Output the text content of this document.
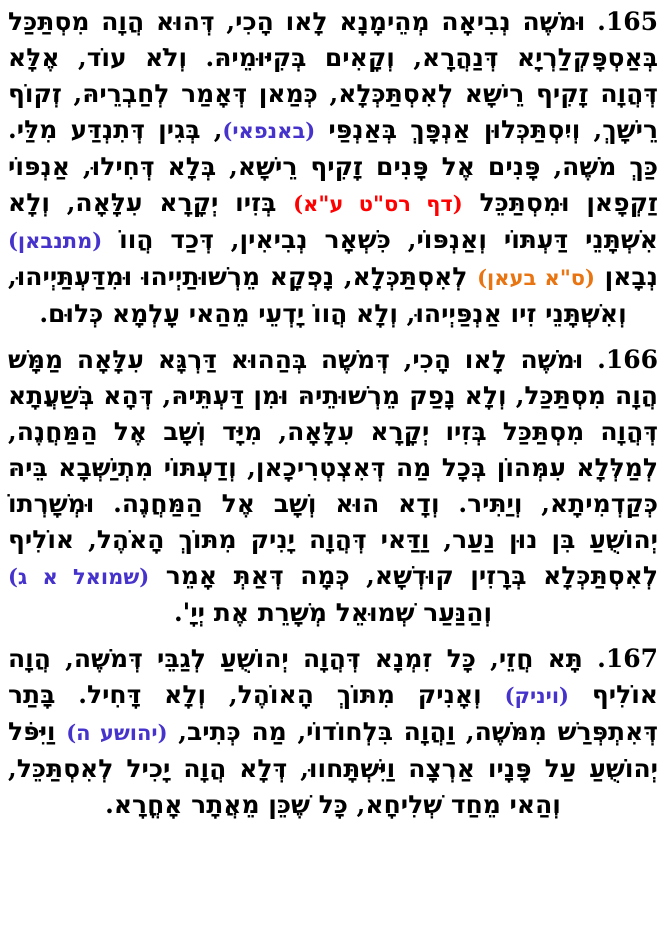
165. וּמֹשֶׁה נְבִיאָה מְהֵימָנָא לָאו הָכִי, דְּהוּא הֲוָה מִסְתַּכַּל בְּאַסְפָּקְלַרְיָא דְּנַהֲרָא, וְקָאִים בְּקִיּוּמֵיהּ. וְלֹא עוֹד, אֶלָּא דְּהֲוָה זָקִיף רֵישָׁא לְאִסְתַּכְּלָא, כְּמַאן דְּאָמַר לְחַבְרֵיהּ, זְקוֹף רֵישָׁךְ, וְיִסְתַּכְּלוּן אַנְפָּךְ בְּאַנְפַּי (באנפאי), בְּגִין דְּתִנְדַּע מִלַּי. כַּךְ מֹשֶׁה, פָּנִים אֶל פָּנִים זָקִיף רֵישָׁא, בְּלָא דְּחִילוּ, אַנְפּוֹי זַקְפָאן וּמִסְתַּכֵּל (דף רס"ט ע"א) בְּזִיו יְקָרָא עִלָּאָה, וְלָא אִשְׁתָּנֵי דַּעְתּוֹי וְאַנְפּוֹי, כִּשְׁאָר נְבִיאִין, דְּכַד הֲווֹ (מתנבאן) נְבָאן (ס"א בעאן) לְאִסְתַּכְּלָא, נָפְקָא מֵרְשׁוּתַיְיהוּ וּמִדַּעְתַּיְיהוּ, וְאִשְׁתָּנֵי זִיו אַנְפַּיְיהוּ, וְלָא הֲווֹ יָדְעֵי מֵהַאי עָלְמָא כְּלוּם.

166. וּמֹשֶׁה לָאו הָכִי, דְּמֹשֶׁה בְּהַהוּא דַּרְגָּא עִלָּאָה מַמָּשׁ הֲוָה מִסְתַּכַּל, וְלָא נָפַק מֵרְשׁוּתֵיהּ וּמִן דַּעְתֵּיהּ, דְּהָא בְּשַׁעֲתָא דְּהֲוָה מִסְתַּכַּל בְּזִיו יְקָרָא עִלָּאָה, מִיָּד וְשָׁב אֶל הַמַּחֲנֶה, לְמַלְּלָא עִמְּהוֹן בְּכָל מַה דְּאִצְטְרִיכָאן, וְדַעְתּוֹי מִתְיַשְּׁבָא בֵּיהּ כְּקַדְמִיתָא, וְיַתִּיר. וְדָא הוּא וְשָׁב אֶל הַמַּחֲנֶה. וּמְשָׁרְתוֹ יְהוֹשֻׁעַ בִּן נוּן נַעַר, וַדַּאי דְּהֲוָה יָנִיק מִתּוֹךְ הָאֹהֶל, אוֹלִיף לְאִסְתַּכְּלָא בְּרָזִין קוּדְשָׁא, כְּמָה דְּאַתְּ אָמֵר (שמואל א ג) וְהַנַּעַר שְׁמוּאֵל מְשָׁרֵת אֶת יְיָ'.

167. תָּא חֲזֵי, כָּל זִמְנָא דְּהֲוָה יְהוֹשֻׁעַ לְגַבֵּי דְּמֹשֶׁה, הֲוָה אוֹלִיף (ויניק) וְאָנִיק מִתּוֹךְ הָאוֹהֶל, וְלָא דָּחִיל. בָּתַר דְּאִתְפְּרַשׁ מִמֹּשֶׁה, וַהֲוָה בִּלְחוֹדוֹי, מַה כְּתִיב, (יהושע ה) וַיִּפֹּל יְהוֹשֻׁעַ עַל פָּנָיו אַרְצָה וַיִּשְׁתָּחווּ, דְּלָא הֲוָה יָכִיל לְאִסְתַּכֵּל, וְהַאי מֵחַד שְׁלִיחָא, כָּל שֶׁכֵּן מֵאֲתָר אָחֳרָא.
